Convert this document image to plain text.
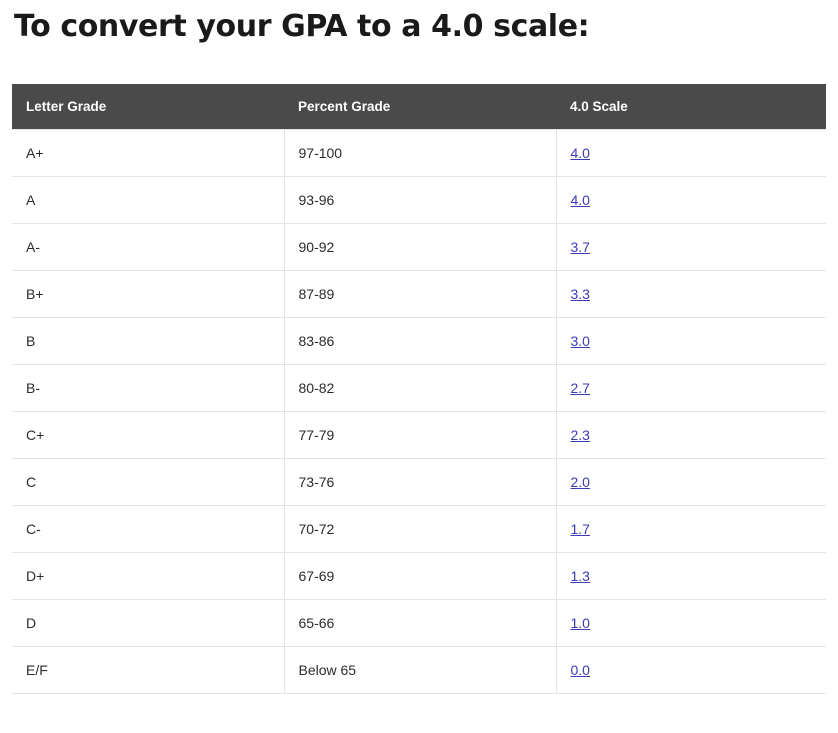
To convert your GPA to a 4.0 scale:
Letter Grade	Percent Grade	4.0 Scale
A+	97-100	4.0
A	93-96	4.0
A-	90-92	3.7
B+	87-89	3.3
B	83-86	3.0
B-	80-82	2.7
C+	77-79	2.3
C	73-76	2.0
C-	70-72	1.7
D+	67-69	1.3
D	65-66	1.0
E/F	Below 65	0.0
